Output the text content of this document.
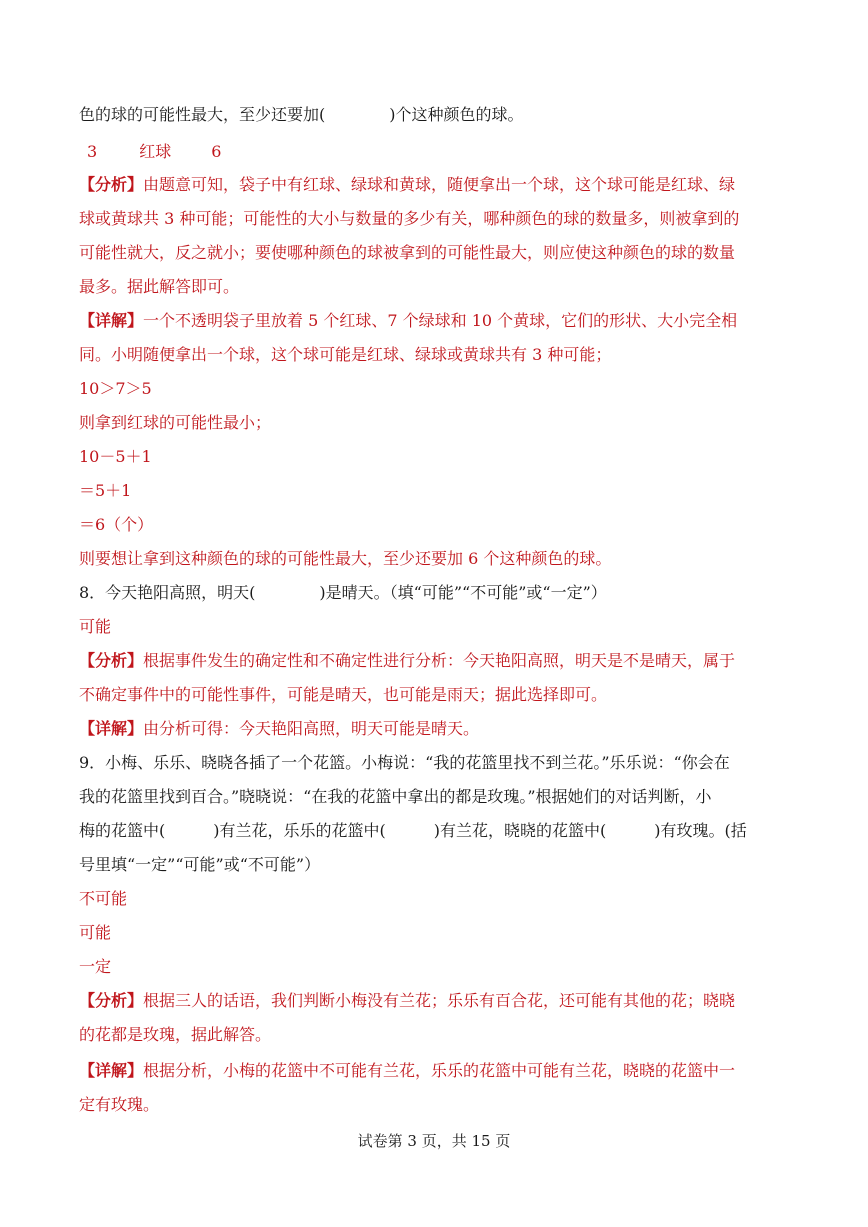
色的球的可能性最大，至少还要加(　　　　)个这种颜色的球。
3	红球	6
【分析】由题意可知，袋子中有红球、绿球和黄球，随便拿出一个球，这个球可能是红球、绿
球或黄球共 3 种可能；可能性的大小与数量的多少有关，哪种颜色的球的数量多，则被拿到的
可能性就大，反之就小；要使哪种颜色的球被拿到的可能性最大，则应使这种颜色的球的数量
最多。据此解答即可。
【详解】一个不透明袋子里放着 5 个红球、7 个绿球和 10 个黄球，它们的形状、大小完全相
同。小明随便拿出一个球，这个球可能是红球、绿球或黄球共有 3 种可能；
10＞7＞5
则拿到红球的可能性最小；
10－5＋1
＝5＋1
＝6（个）
则要想让拿到这种颜色的球的可能性最大，至少还要加 6 个这种颜色的球。
8．今天艳阳高照，明天(　　　　)是晴天。（填“可能”“不可能”或“一定”）
可能
【分析】根据事件发生的确定性和不确定性进行分析：今天艳阳高照，明天是不是晴天，属于
不确定事件中的可能性事件，可能是晴天，也可能是雨天；据此选择即可。
【详解】由分析可得：今天艳阳高照，明天可能是晴天。
9．小梅、乐乐、晓晓各插了一个花篮。小梅说：“我的花篮里找不到兰花。”乐乐说：“你会在
我的花篮里找到百合。”晓晓说：“在我的花篮中拿出的都是玫瑰。”根据她们的对话判断，小
梅的花篮中(　　　)有兰花，乐乐的花篮中(　　　)有兰花，晓晓的花篮中(　　　)有玫瑰。(括
号里填“一定”“可能”或“不可能”）
不可能
可能
一定
【分析】根据三人的话语，我们判断小梅没有兰花；乐乐有百合花，还可能有其他的花；晓晓
的花都是玫瑰，据此解答。
【详解】根据分析，小梅的花篮中不可能有兰花，乐乐的花篮中可能有兰花，晓晓的花篮中一
定有玫瑰。
试卷第 3 页，共 15 页
